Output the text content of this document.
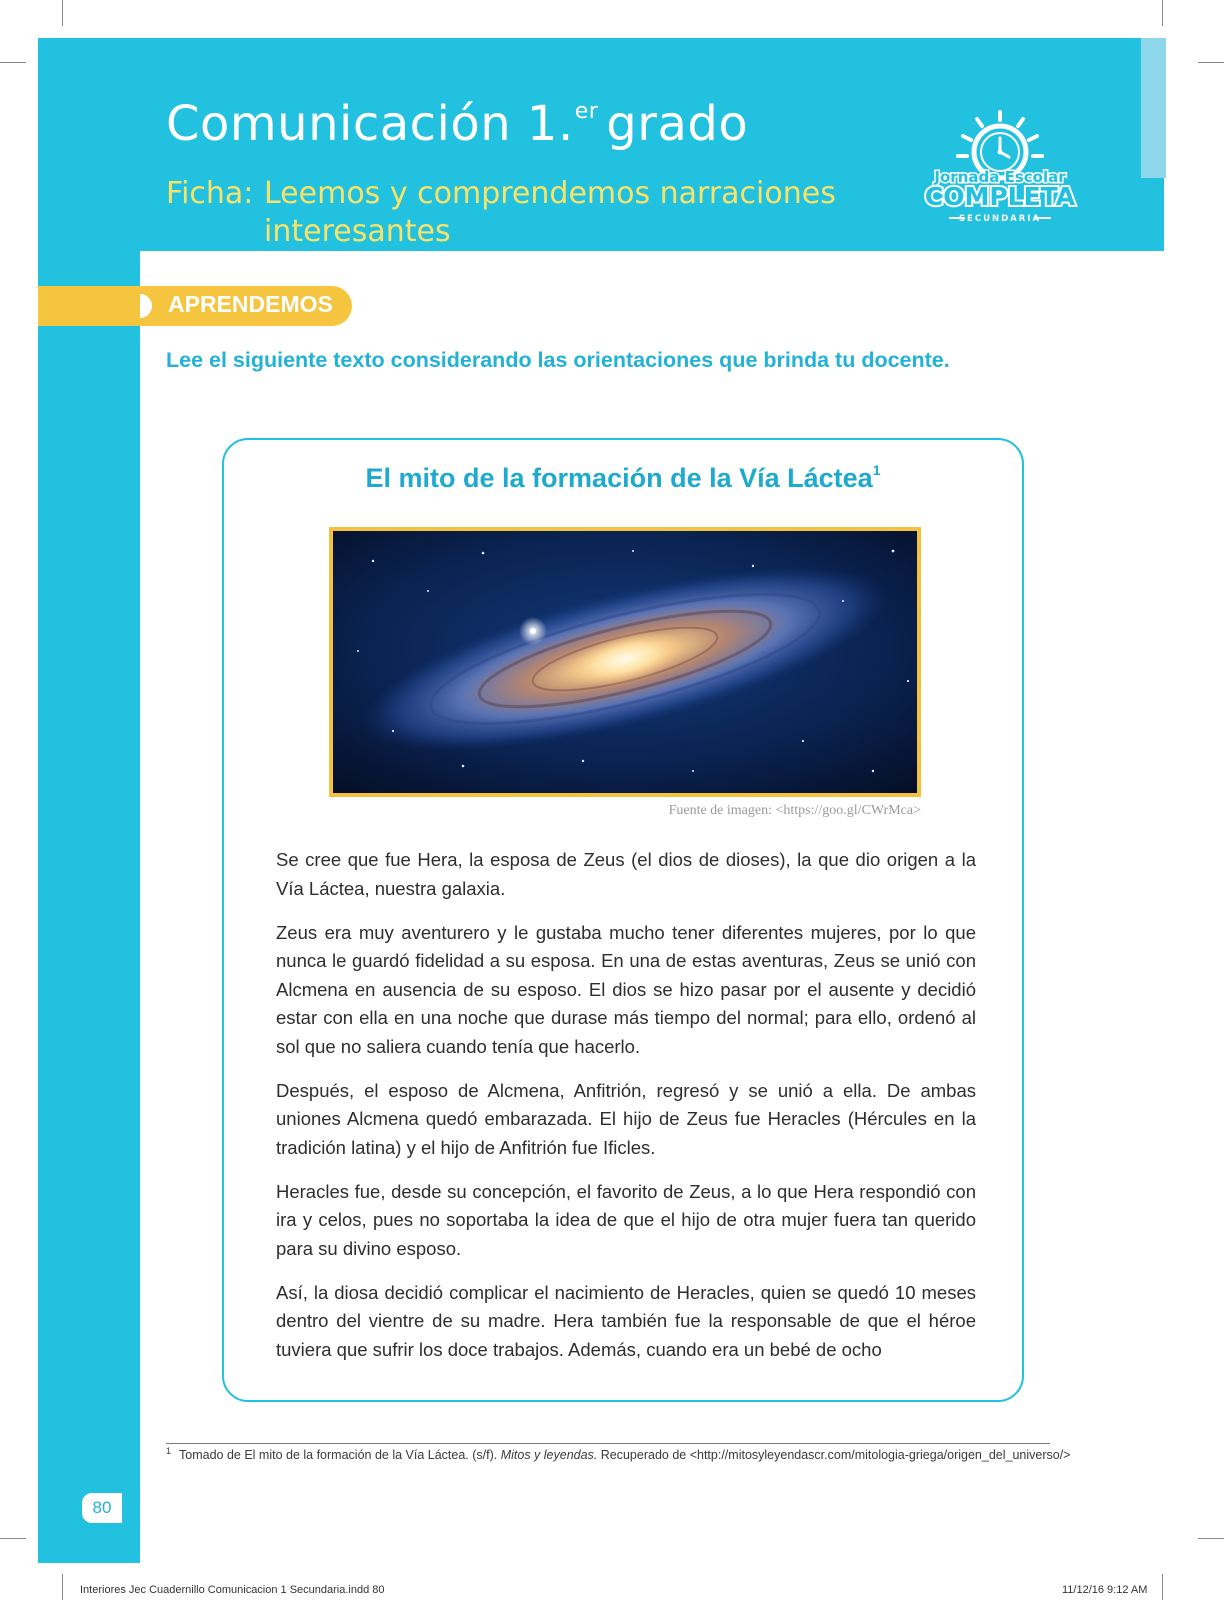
Comunicación 1.$^{er}$ grado
Ficha: Leemos y comprendemos narraciones interesantes
Jornada Escolar
COMPLETA
SECUNDARIA
APRENDEMOS
Lee el siguiente texto considerando las orientaciones que brinda tu docente.
El mito de la formación de la Vía Láctea$^1$
Fuente de imagen: <https://goo.gl/CWrMca>

Se cree que fue Hera, la esposa de Zeus (el dios de dioses), la que dio origen a la Vía Láctea, nuestra galaxia.

Zeus era muy aventurero y le gustaba mucho tener diferentes mujeres, por lo que nunca le guardó fidelidad a su esposa. En una de estas aventuras, Zeus se unió con Alcmena en ausencia de su esposo. El dios se hizo pasar por el ausente y decidió estar con ella en una noche que durase más tiempo del normal; para ello, ordenó al sol que no saliera cuando tenía que hacerlo.

Después, el esposo de Alcmena, Anfitrión, regresó y se unió a ella. De ambas uniones Alcmena quedó embarazada. El hijo de Zeus fue Heracles (Hércules en la tradición latina) y el hijo de Anfitrión fue Ificles.

Heracles fue, desde su concepción, el favorito de Zeus, a lo que Hera respondió con ira y celos, pues no soportaba la idea de que el hijo de otra mujer fuera tan querido para su divino esposo.

Así, la diosa decidió complicar el nacimiento de Heracles, quien se quedó 10 meses dentro del vientre de su madre. Hera también fue la responsable de que el héroe tuviera que sufrir los doce trabajos. Además, cuando era un bebé de ocho

$^1$ Tomado de El mito de la formación de la Vía Láctea. (s/f). Mitos y leyendas. Recuperado de <http://mitosyleyendascr.com/mitologia-griega/origen_del_universo/>
80
Interiores Jec Cuadernillo Comunicacion 1 Secundaria.indd 80	11/12/16 9:12 AM
